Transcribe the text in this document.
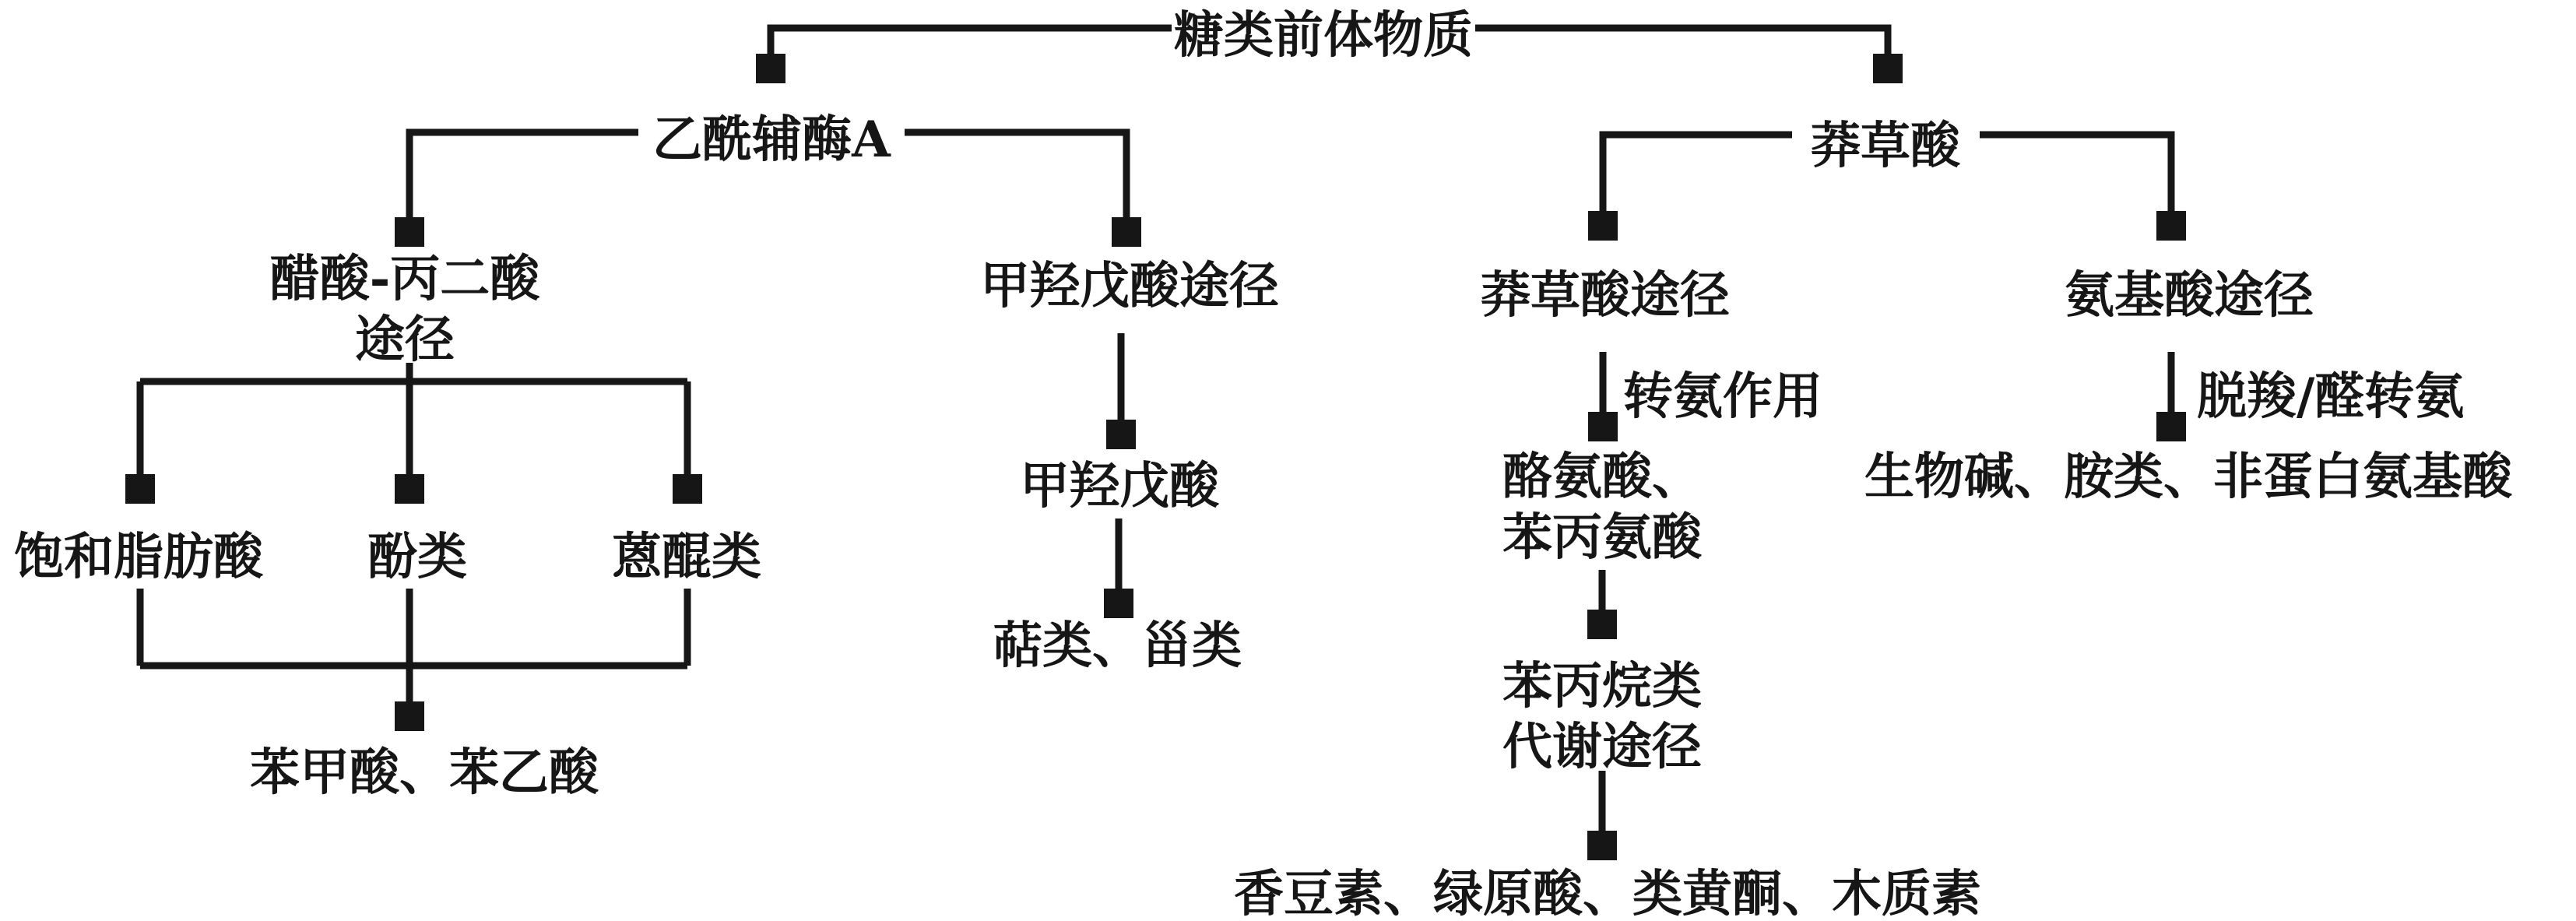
糖类前体物质
乙酰辅酶A	莽草酸
醋酸-丙二酸
途径
甲羟戊酸途径	莽草酸途径	氨基酸途径
转氨作用	脱羧/醛转氨
饱和脂肪酸 酚类	蒽醌类
苯甲酸、苯乙酸
甲羟戊酸
萜类、甾类
酪氨酸、
苯丙氨酸
生物碱、胺类、非蛋白氨基酸
苯丙烷类
代谢途径
香豆素、绿原酸、类黄酮、木质素
